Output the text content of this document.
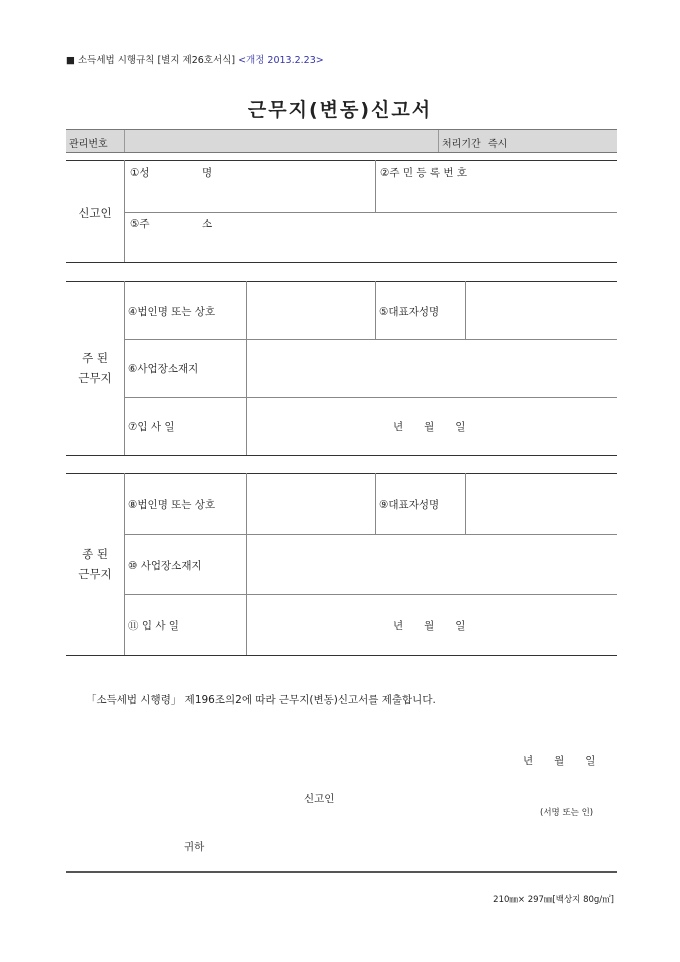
■ 소득세법 시행규칙 [별지 제26호서식] <개정 2013.2.23>
근무지(변동)신고서
관리번호	처리기간 즉시
신고인
①성　　　　　명	②주 민 등 록 번 호
⑤주　　　　　소
주 된
근무지
④법인명 또는 상호	⑤대표자성명
⑥사업장소재지
⑦입 사 일	년　　월　　일
종 된
근무지
⑧법인명 또는 상호	⑨대표자성명
⑩ 사업장소재지
⑪ 입 사 일	년　　월　　일
「소득세법 시행령」 제196조의2에 따라 근무지(변동)신고서를 제출합니다.
년　　월　　일
신고인
(서명 또는 인)
귀하
210㎜× 297㎜[백상지 80g/㎡]
